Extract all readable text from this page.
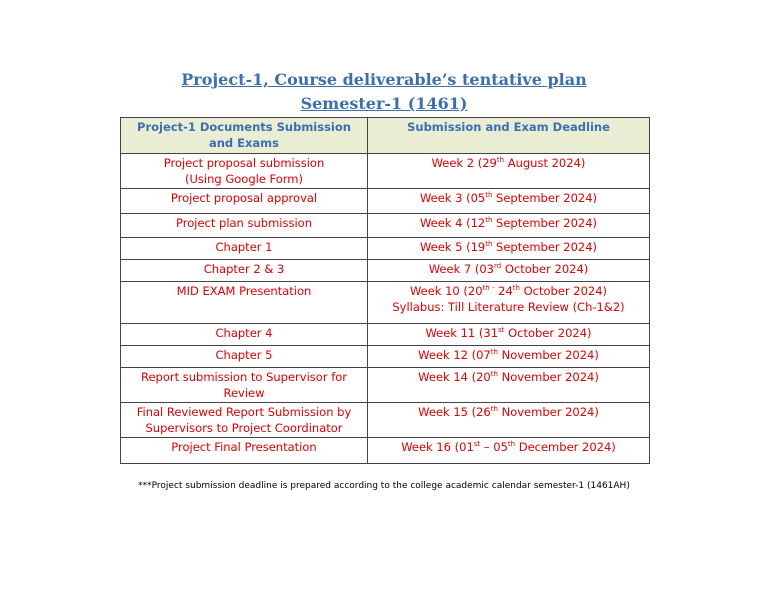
Project-1, Course deliverable’s tentative plan
Semester-1 (1461)
Project-1 Documents Submission and Exams	Submission and Exam Deadline

Project proposal submission
(Using Google Form)	Week 2 (29th August 2024)

Project proposal approval	Week 3 (05th September 2024)

Project plan submission	Week 4 (12th September 2024)

Chapter 1	Week 5 (19th September 2024)

Chapter 2 & 3	Week 7 (03rd October 2024)

MID EXAM Presentation	Week 10 ($20^{th -}$ 24th October 2024)
Syllabus: Till Literature Review (Ch-1&2)

Chapter 4	Week 11 (31st October 2024)

Chapter 5	Week 12 (07th November 2024)

Report submission to Supervisor for
Review	Week 14 (20th November 2024)

Final Reviewed Report Submission by
Supervisors to Project Coordinator	Week 15 (26th November 2024)

Project Final Presentation	Week 16 (01st – 05th December 2024)
***Project submission deadline is prepared according to the college academic calendar semester-1 (1461AH)
